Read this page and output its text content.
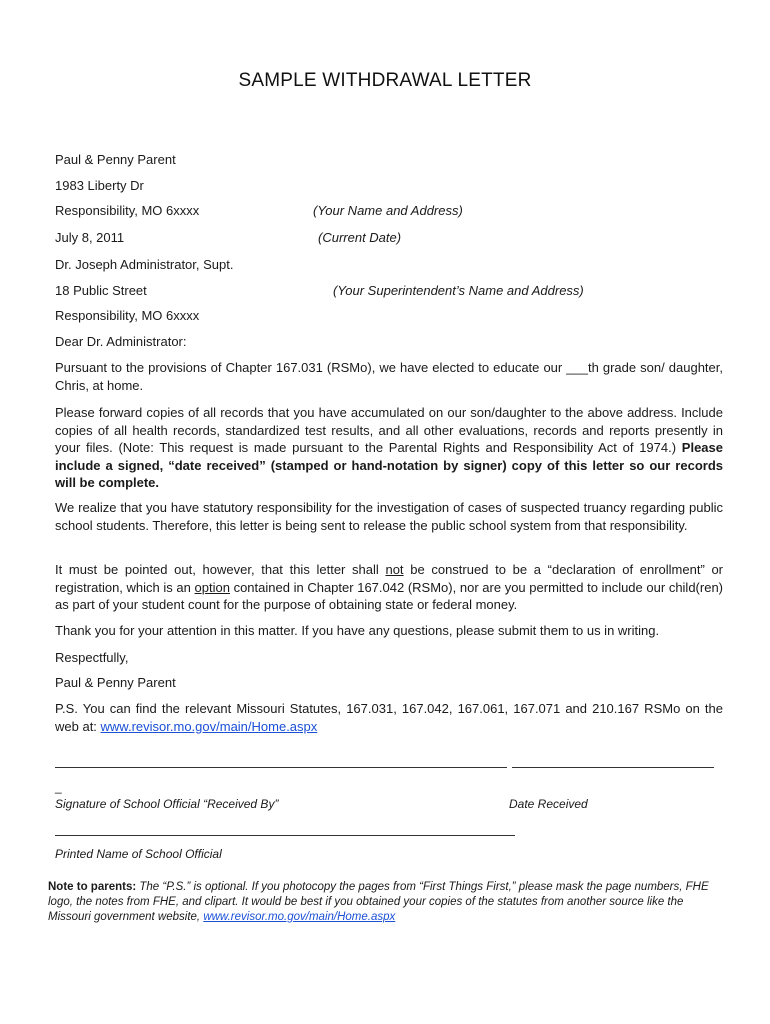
SAMPLE WITHDRAWAL LETTER
Paul & Penny Parent
1983 Liberty Dr
Responsibility, MO 6xxxx	(Your Name and Address)
July 8, 2011	(Current Date)
Dr. Joseph Administrator, Supt.
18 Public Street	(Your Superintendent’s Name and Address)
Responsibility, MO 6xxxx
Dear Dr. Administrator:
Pursuant to the provisions of Chapter 167.031 (RSMo), we have elected to educate our ___th grade son/ daughter, Chris, at home.
Please forward copies of all records that you have accumulated on our son/daughter to the above address. Include copies of all health records, standardized test results, and all other evaluations, records and reports presently in your files. (Note: This request is made pursuant to the Parental Rights and Responsibility Act of 1974.) Please include a signed, “date received” (stamped or hand-notation by signer) copy of this letter so our records will be complete.
We realize that you have statutory responsibility for the investigation of cases of suspected truancy regarding public school students. Therefore, this letter is being sent to release the public school system from that responsibility.
It must be pointed out, however, that this letter shall not be construed to be a “declaration of enrollment” or registration, which is an option contained in Chapter 167.042 (RSMo), nor are you permitted to include our child(ren) as part of your student count for the purpose of obtaining state or federal money.
Thank you for your attention in this matter. If you have any questions, please submit them to us in writing.
Respectfully,
Paul & Penny Parent
P.S. You can find the relevant Missouri Statutes, 167.031, 167.042, 167.061, 167.071 and 210.167 RSMo on the web at: www.revisor.mo.gov/main/Home.aspx
_
Signature of School Official “Received By”	Date Received
Printed Name of School Official
Note to parents: The “P.S.” is optional. If you photocopy the pages from “First Things First,” please mask the page numbers, FHE logo, the notes from FHE, and clipart. It would be best if you obtained your copies of the statutes from another source like the Missouri government website, www.revisor.mo.gov/main/Home.aspx
